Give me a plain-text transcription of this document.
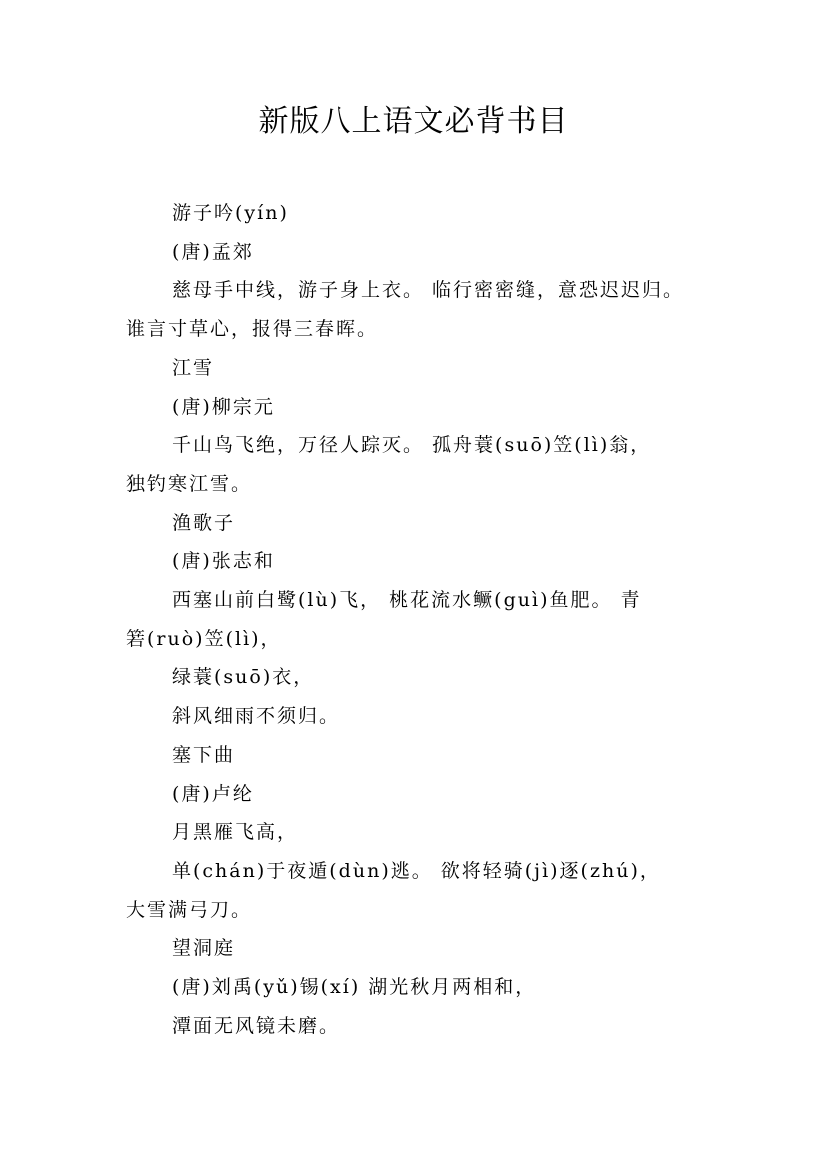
新版八上语文必背书目
游子吟(yín)
(唐)孟郊
慈母手中线，游子身上衣。 临行密密缝，意恐迟迟归。
谁言寸草心，报得三春晖。
江雪
(唐)柳宗元
千山鸟飞绝，万径人踪灭。 孤舟蓑(suō)笠(lì)翁，
独钓寒江雪。
渔歌子
(唐)张志和
西塞山前白鹭(lù)飞， 桃花流水鳜(guì)鱼肥。 青
箬(ruò)笠(lì)，
绿蓑(suō)衣，
斜风细雨不须归。
塞下曲
(唐)卢纶
月黑雁飞高，
单(chán)于夜遁(dùn)逃。 欲将轻骑(jì)逐(zhú)，
大雪满弓刀。
望洞庭
(唐)刘禹(yǔ)锡(xí) 湖光秋月两相和，
潭面无风镜未磨。
